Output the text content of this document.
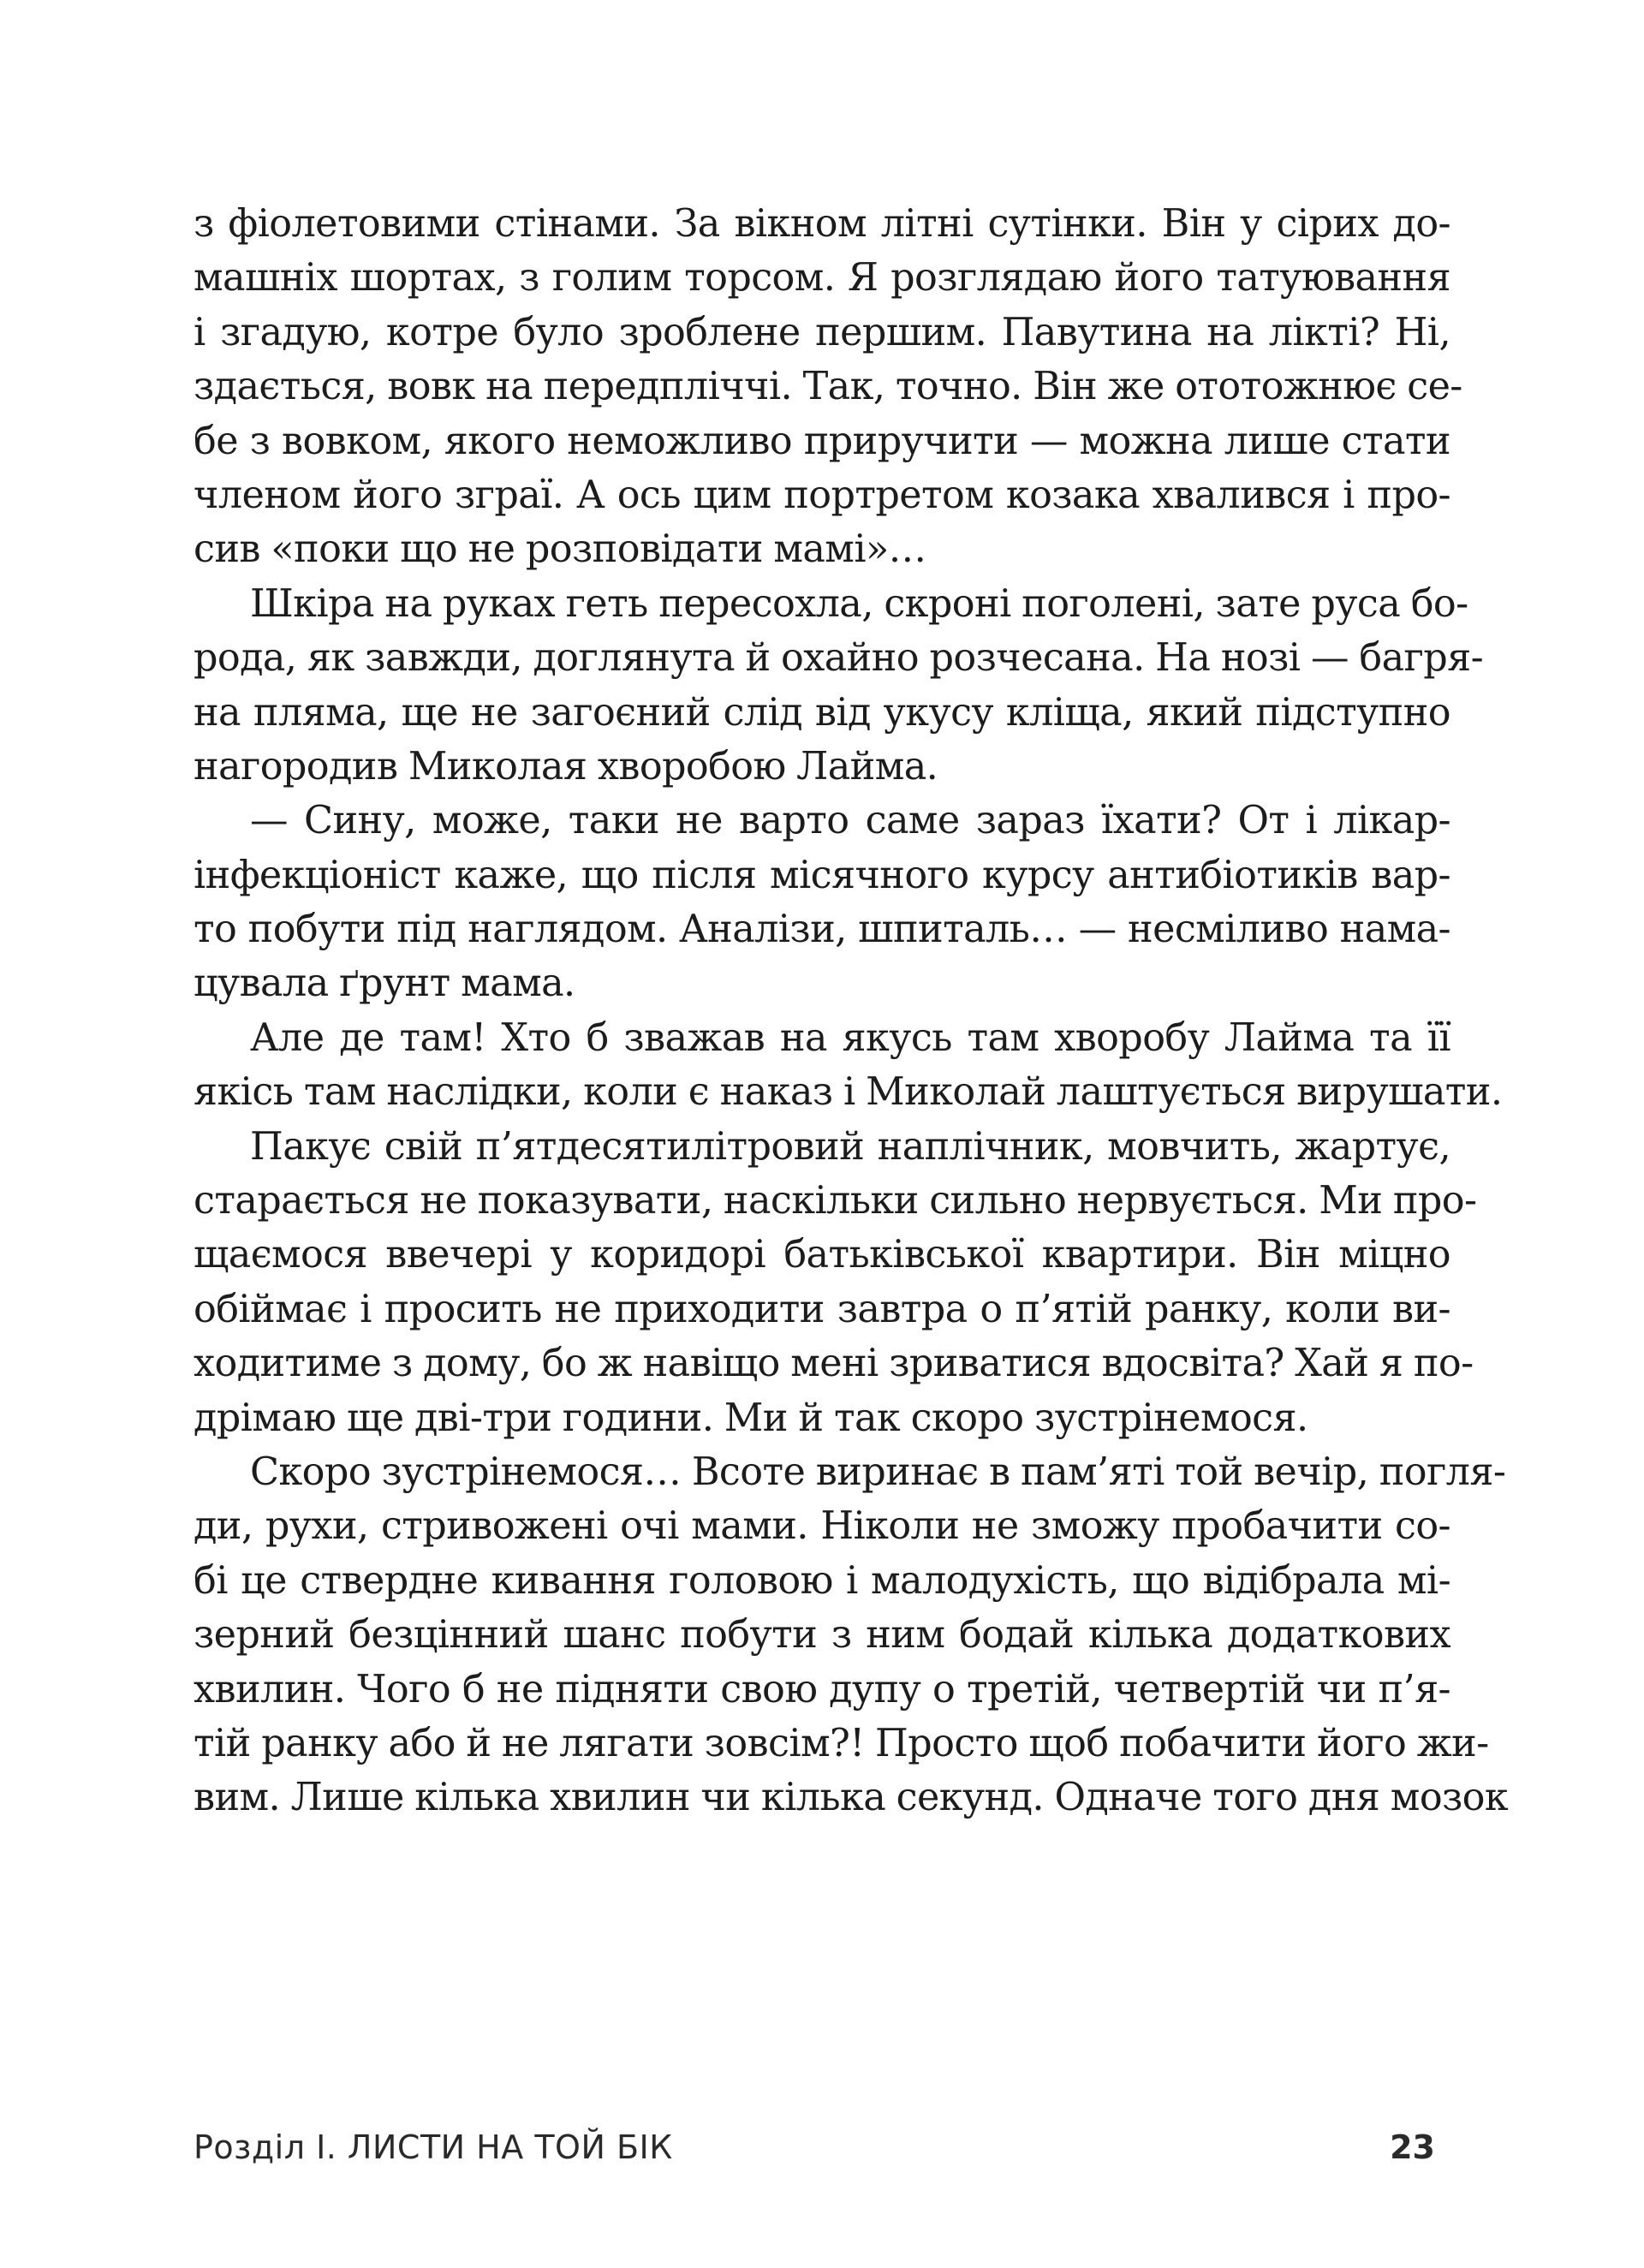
з фіолетовими стінами. За вікном літні сутінки. Він у сірих до-
машніх шортах, з голим торсом. Я розглядаю його татуювання
і згадую, котре було зроблене першим. Павутина на лікті? Ні,
здається, вовк на передпліччі. Так, точно. Він же ототожнює се-
бе з вовком, якого неможливо приручити — можна лише стати
членом його зграї. А ось цим портретом козака хвалився і про-
сив «поки що не розповідати мамі»…
Шкіра на руках геть пересохла, скроні поголені, зате руса бо-
рода, як завжди, доглянута й охайно розчесана. На нозі — багря-
на пляма, ще не загоєний слід від укусу кліща, який підступно
нагородив Миколая хворобою Лайма.
— Сину, може, таки не варто саме зараз їхати? От і лікар-
інфекціоніст каже, що після місячного курсу антибіотиків вар-
то побути під наглядом. Аналізи, шпиталь… — несміливо нама-
цувала ґрунт мама.
Але де там! Хто б зважав на якусь там хворобу Лайма та її
якісь там наслідки, коли є наказ і Миколай лаштується вирушати.
Пакує свій п’ятдесятилітровий наплічник, мовчить, жартує,
старається не показувати, наскільки сильно нервується. Ми про-
щаємося ввечері у коридорі батьківської квартири. Він міцно
обіймає і просить не приходити завтра о п’ятій ранку, коли ви-
ходитиме з дому, бо ж навіщо мені зриватися вдосвіта? Хай я по-
дрімаю ще дві-три години. Ми й так скоро зустрінемося.
Скоро зустрінемося… Всоте виринає в пам’яті той вечір, погля-
ди, рухи, стривожені очі мами. Ніколи не зможу пробачити со-
бі це ствердне кивання головою і малодухість, що відібрала мі-
зерний безцінний шанс побути з ним бодай кілька додаткових
хвилин. Чого б не підняти свою дупу о третій, четвертій чи п’я-
тій ранку або й не лягати зовсім?! Просто щоб побачити його жи-
вим. Лише кілька хвилин чи кілька секунд. Одначе того дня мозок
Розділ І. ЛИСТИ НА ТОЙ БІК	23
